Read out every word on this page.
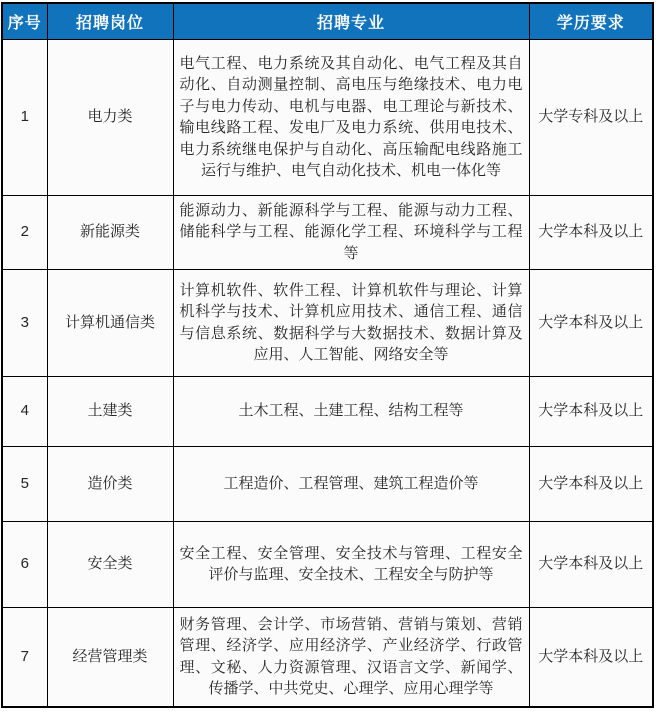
序号	招聘岗位	招聘专业	学历要求
1	电力类	电气工程、电力系统及其自动化、电气工程及其自动化、自动测量控制、高电压与绝缘技术、电力电子与电力传动、电机与电器、电工理论与新技术、输电线路工程、发电厂及电力系统、供用电技术、电力系统继电保护与自动化、高压输配电线路施工运行与维护、电气自动化技术、机电一体化等	大学专科及以上
2	新能源类	能源动力、新能源科学与工程、能源与动力工程、储能科学与工程、能源化学工程、环境科学与工程等	大学本科及以上
3	计算机通信类	计算机软件、软件工程、计算机软件与理论、计算机科学与技术、计算机应用技术、通信工程、通信与信息系统、数据科学与大数据技术、数据计算及应用、人工智能、网络安全等	大学本科及以上
4	土建类	土木工程、土建工程、结构工程等	大学本科及以上
5	造价类	工程造价、工程管理、建筑工程造价等	大学本科及以上
6	安全类	安全工程、安全管理、安全技术与管理、工程安全评价与监理、安全技术、工程安全与防护等	大学本科及以上
7	经营管理类	财务管理、会计学、市场营销、营销与策划、营销管理、经济学、应用经济学、产业经济学、行政管理、文秘、人力资源管理、汉语言文学、新闻学、传播学、中共党史、心理学、应用心理学等	大学本科及以上
